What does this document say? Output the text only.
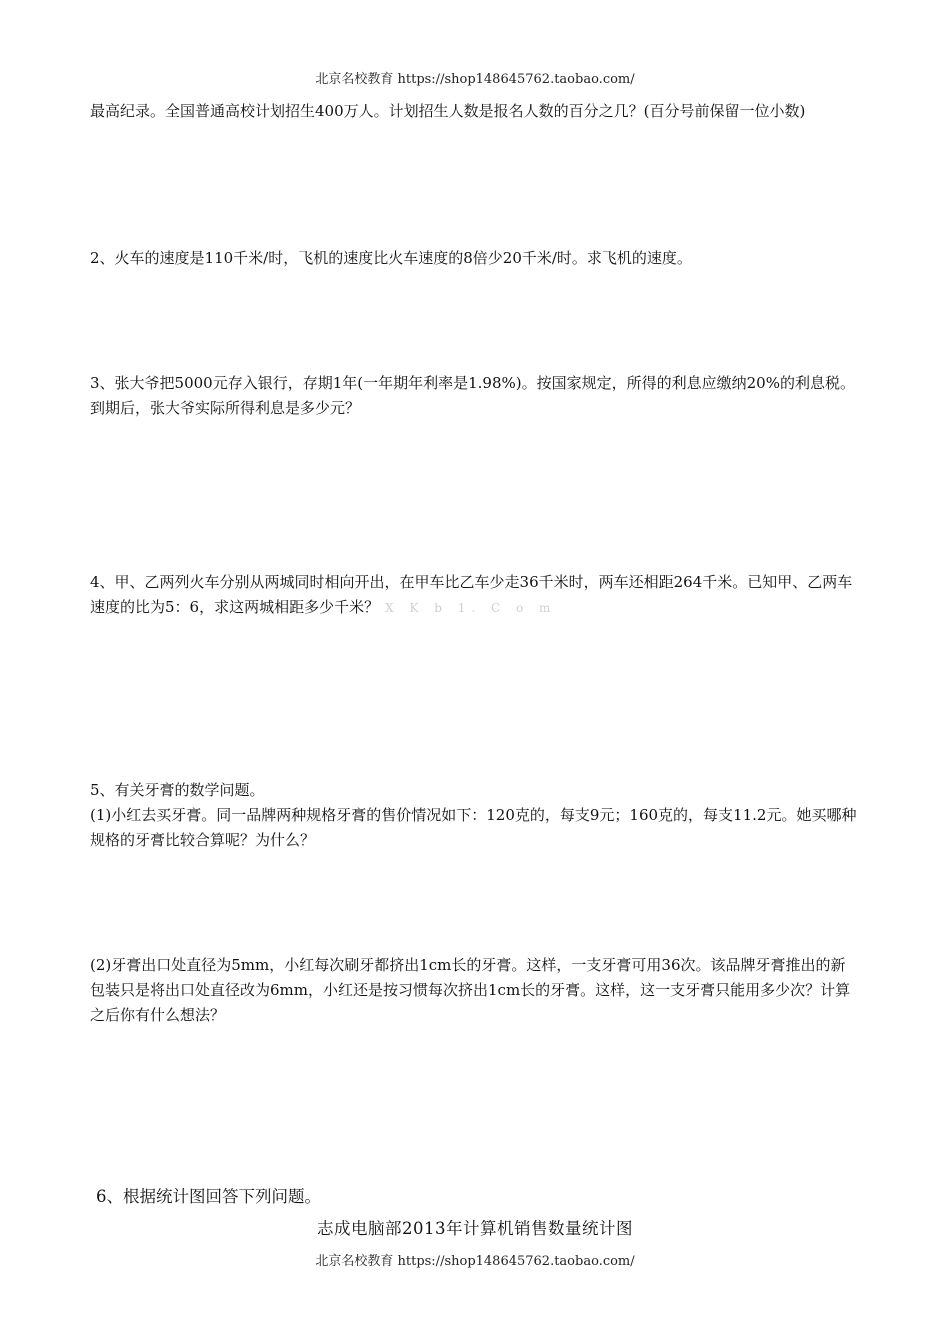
北京名校教育 https://shop148645762.taobao.com/
最高纪录。全国普通高校计划招生400万人。计划招生人数是报名人数的百分之几？(百分号前保留一位小数)
2、火车的速度是110千米/时，飞机的速度比火车速度的8倍少20千米/时。求飞机的速度。
3、张大爷把5000元存入银行，存期1年(一年期年利率是1.98%)。按国家规定，所得的利息应缴纳20%的利息税。到期后，张大爷实际所得利息是多少元？
4、甲、乙两列火车分别从两城同时相向开出，在甲车比乙车少走36千米时，两车还相距264千米。已知甲、乙两车速度的比为5：6，求这两城相距多少千米？ X K b 1. C o m
5、有关牙膏的数学问题。
(1)小红去买牙膏。同一品牌两种规格牙膏的售价情况如下：120克的，每支9元；160克的，每支11.2元。她买哪种规格的牙膏比较合算呢？为什么？
(2)牙膏出口处直径为5mm，小红每次刷牙都挤出1cm长的牙膏。这样，一支牙膏可用36次。该品牌牙膏推出的新包装只是将出口处直径改为6mm，小红还是按习惯每次挤出1cm长的牙膏。这样，这一支牙膏只能用多少次？计算之后你有什么想法？
6、根据统计图回答下列问题。
志成电脑部2013年计算机销售数量统计图
北京名校教育 https://shop148645762.taobao.com/
